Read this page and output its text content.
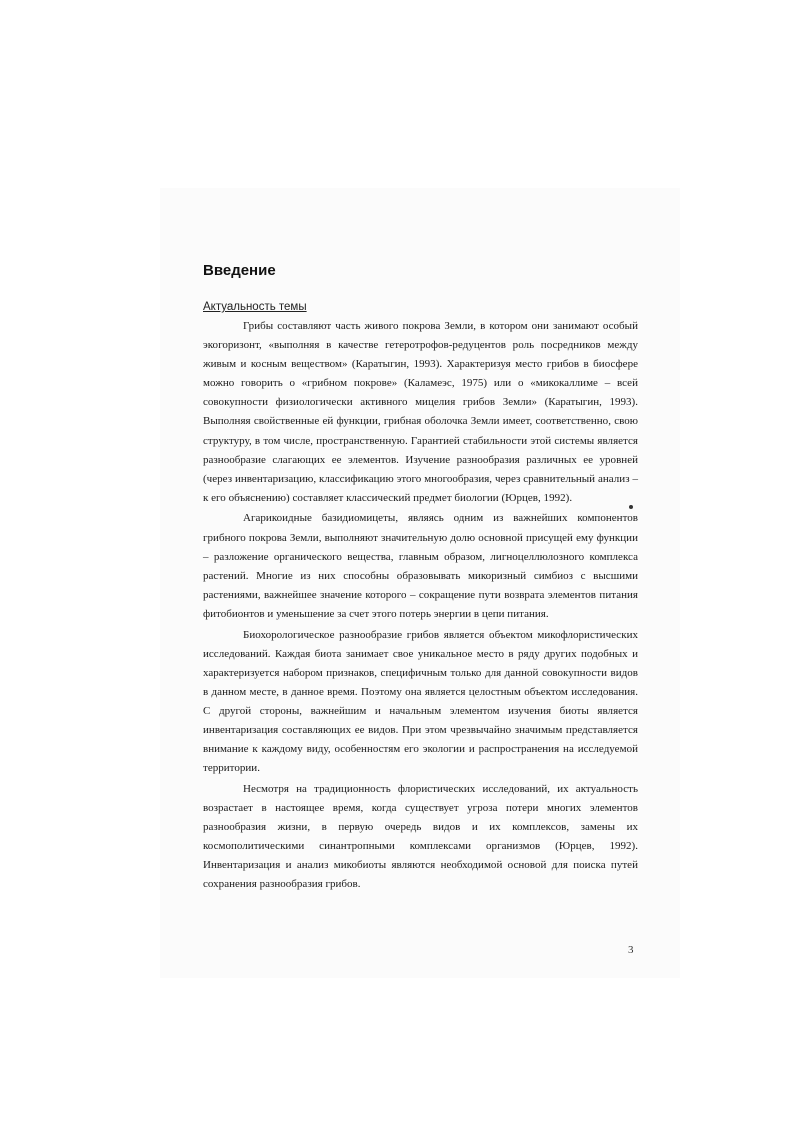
Введение
Актуальность темы

Грибы составляют часть живого покрова Земли, в котором они занимают особый экогоризонт, «выполняя в качестве гетеротрофов-редуцентов роль посредников между живым и косным веществом» (Каратыгин, 1993). Характеризуя место грибов в биосфере можно говорить о «грибном покрове» (Каламеэс, 1975) или о «микокаллиме – всей совокупности физиологически активного мицелия грибов Земли» (Каратыгин, 1993). Выполняя свойственные ей функции, грибная оболочка Земли имеет, соответственно, свою структуру, в том числе, пространственную. Гарантией стабильности этой системы является разнообразие слагающих ее элементов. Изучение разнообразия различных ее уровней (через инвентаризацию, классификацию этого многообразия, через сравнительный анализ – к его объяснению) составляет классический предмет биологии (Юрцев, 1992).

Агарикоидные базидиомицеты, являясь одним из важнейших компонентов грибного покрова Земли, выполняют значительную долю основной присущей ему функции – разложение органического вещества, главным образом, лигноцеллюлозного комплекса растений. Многие из них способны образовывать микоризный симбиоз с высшими растениями, важнейшее значение которого – сокращение пути возврата элементов питания фитобионтов и уменьшение за счет этого потерь энергии в цепи питания.

Биохорологическое разнообразие грибов является объектом микофлористических исследований. Каждая биота занимает свое уникальное место в ряду других подобных и характеризуется набором признаков, специфичным только для данной совокупности видов в данном месте, в данное время. Поэтому она является целостным объектом исследования. С другой стороны, важнейшим и начальным элементом изучения биоты является инвентаризация составляющих ее видов. При этом чрезвычайно значимым представляется внимание к каждому виду, особенностям его экологии и распространения на исследуемой территории.

Несмотря на традиционность флористических исследований, их актуальность возрастает в настоящее время, когда существует угроза потери многих элементов разнообразия жизни, в первую очередь видов и их комплексов, замены их космополитическими синантропными комплексами организмов (Юрцев, 1992). Инвентаризация и анализ микобиоты являются необходимой основой для поиска путей сохранения разнообразия грибов.

3
